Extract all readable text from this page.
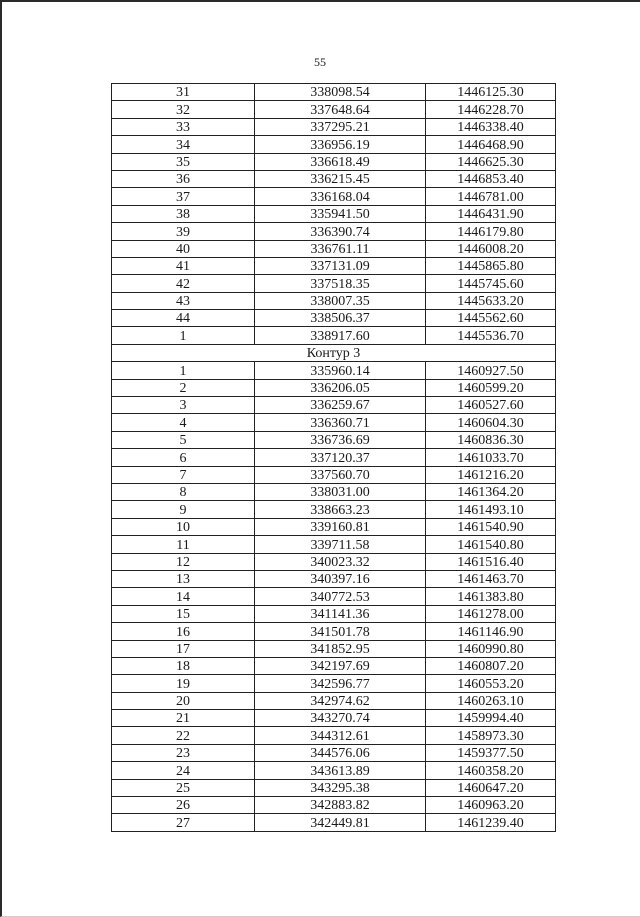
55
31	338098.54	1446125.30
32	337648.64	1446228.70
33	337295.21	1446338.40
34	336956.19	1446468.90
35	336618.49	1446625.30
36	336215.45	1446853.40
37	336168.04	1446781.00
38	335941.50	1446431.90
39	336390.74	1446179.80
40	336761.11	1446008.20
41	337131.09	1445865.80
42	337518.35	1445745.60
43	338007.35	1445633.20
44	338506.37	1445562.60
1	338917.60	1445536.70
Контур 3		
1	335960.14	1460927.50
2	336206.05	1460599.20
3	336259.67	1460527.60
4	336360.71	1460604.30
5	336736.69	1460836.30
6	337120.37	1461033.70
7	337560.70	1461216.20
8	338031.00	1461364.20
9	338663.23	1461493.10
10	339160.81	1461540.90
11	339711.58	1461540.80
12	340023.32	1461516.40
13	340397.16	1461463.70
14	340772.53	1461383.80
15	341141.36	1461278.00
16	341501.78	1461146.90
17	341852.95	1460990.80
18	342197.69	1460807.20
19	342596.77	1460553.20
20	342974.62	1460263.10
21	343270.74	1459994.40
22	344312.61	1458973.30
23	344576.06	1459377.50
24	343613.89	1460358.20
25	343295.38	1460647.20
26	342883.82	1460963.20
27	342449.81	1461239.40
